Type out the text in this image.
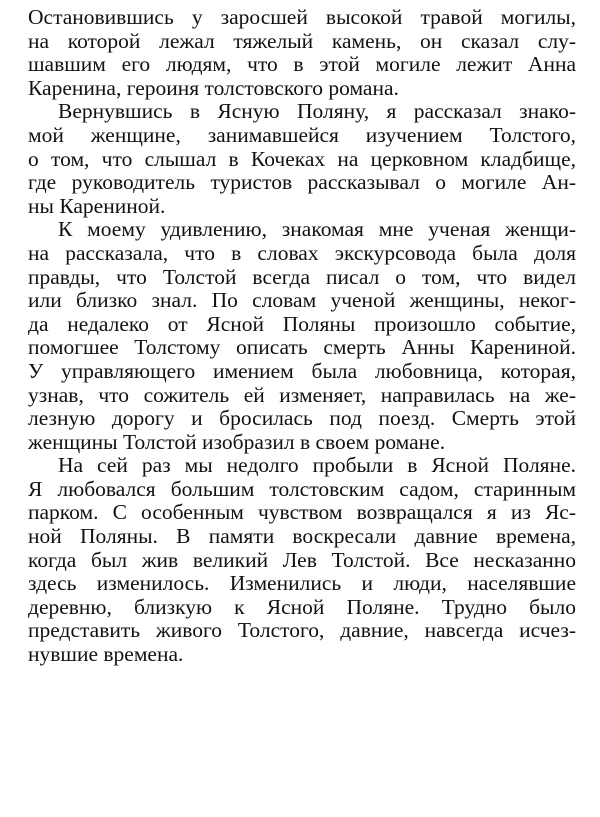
Остановившись у заросшей высокой травой могилы,
на которой лежал тяжелый камень, он сказал слу-
шавшим его людям, что в этой могиле лежит Анна
Каренина, героиня толстовского романа.
Вернувшись в Ясную Поляну, я рассказал знако-
мой женщине, занимавшейся изучением Толстого,
о том, что слышал в Кочеках на церковном кладбище,
где руководитель туристов рассказывал о могиле Ан-
ны Карениной.
К моему удивлению, знакомая мне ученая женщи-
на рассказала, что в словах экскурсовода была доля
правды, что Толстой всегда писал о том, что видел
или близко знал. По словам ученой женщины, неког-
да недалеко от Ясной Поляны произошло событие,
помогшее Толстому описать смерть Анны Карениной.
У управляющего имением была любовница, которая,
узнав, что сожитель ей изменяет, направилась на же-
лезную дорогу и бросилась под поезд. Смерть этой
женщины Толстой изобразил в своем романе.
На сей раз мы недолго пробыли в Ясной Поляне.
Я любовался большим толстовским садом, старинным
парком. С особенным чувством возвращался я из Яс-
ной Поляны. В памяти воскресали давние времена,
когда был жив великий Лев Толстой. Все несказанно
здесь изменилось. Изменились и люди, населявшие
деревню, близкую к Ясной Поляне. Трудно было
представить живого Толстого, давние, навсегда исчез-
нувшие времена.
